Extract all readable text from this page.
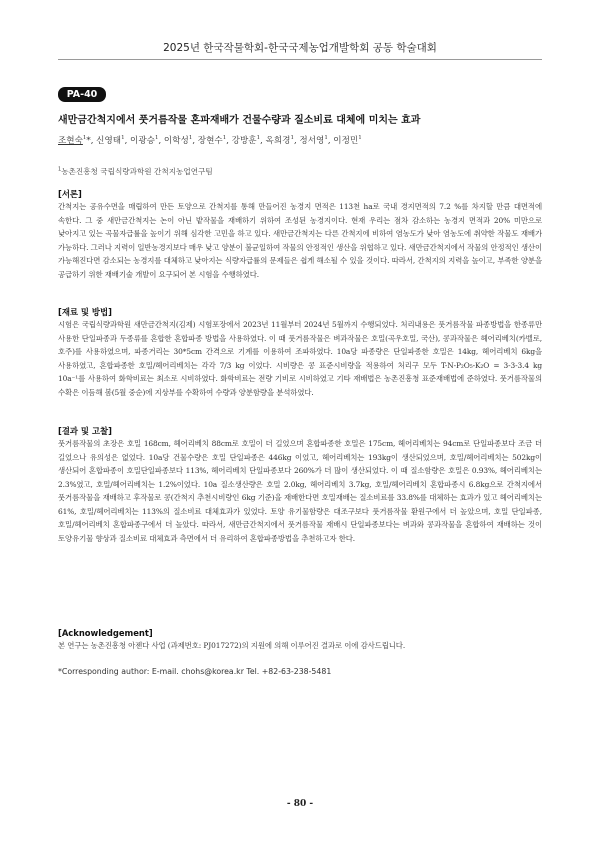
2025년 한국작물학회-한국국제농업개발학회 공동 학술대회
PA-40
새만금간척지에서 풋거름작물 혼파재배가 건물수량과 질소비료 대체에 미치는 효과
조현숙$^1$*, 신영태$^1$, 이광승$^1$, 이학성$^1$, 장현수$^1$, 강방훈$^1$, 옥희경$^1$, 정서영$^1$, 이정민$^1$
$^1$농촌진흥청 국립식량과학원 간척지농업연구팀
[서론]
간척지는 공유수면을 매립하여 만든 토양으로 간척지를 통해 만들어진 농경지 면적은 113천 ha로 국내 경지면적의 7.2 %를 차지할 만큼 대면적에 속한다. 그 중 새만금간척지는 논이 아닌 밭작물을 재배하기 위하여 조성된 농경지이다. 현재 우리는 점차 감소하는 농경지 면적과 20% 미만으로 낮아지고 있는 곡물자급률을 높이기 위해 심각한 고민을 하고 있다. 새만금간척지는 다른 간척지에 비하여 염농도가 낮아 염농도에 취약한 작물도 재배가 가능하다. 그러나 지력이 일반농경지보다 매우 낮고 양분이 불균일하여 작물의 안정적인 생산을 위협하고 있다. 새만금간척지에서 작물의 안정적인 생산이 가능해진다면 감소되는 농경지를 대체하고 낮아지는 식량자급률의 문제들은 쉽게 해소될 수 있을 것이다. 따라서, 간척지의 지력을 높이고, 부족한 양분을 공급하기 위한 재배기술 개발이 요구되어 본 시험을 수행하였다.
[재료 및 방법]
시험은 국립식량과학원 새만금간척지(김제) 시험포장에서 2023년 11월부터 2024년 5월까지 수행되었다. 처리내용은 풋거름작물 파종방법을 한종류만 사용한 단일파종과 두종류를 혼합한 혼합파종 방법을 사용하였다. 이 때 풋거름작물은 벼과작물은 호밀(곡우호밀, 국산), 콩과작물은 헤어리베치(카벨로, 호주)를 사용하였으며, 파종거리는 30*5cm 간격으로 기계를 이용하여 조파하였다. 10a당 파종량은 단일파종한 호밀은 14kg, 헤어리베치 6kg을 사용하였고, 혼합파종한 호밀/헤어리베치는 각각 7/3 kg 이었다. 시비량은 콩 표준시비량을 적용하여 처리구 모두 T-N-P₂O₅-K₂O = 3-3-3.4 kg 10a⁻¹를 사용하여 화학비료는 최소로 시비하였다. 화학비료는 전량 기비로 시비하였고 기타 재배법은 농촌진흥청 표준재배법에 준하였다. 풋거름작물의 수확은 이듬해 봄(5월 중순)에 지상부를 수확하여 수량과 양분함량을 분석하였다.
[결과 및 고찰]
풋거름작물의 초장은 호밀 168cm, 헤어리베치 88cm로 호밀이 더 길었으며 혼합파종한 호밀은 175cm, 헤어리베치는 94cm로 단일파종보다 조금 더 길었으나 유의성은 없었다. 10a당 건물수량은 호밀 단일파종은 446kg 이었고, 헤어리베치는 193kg이 생산되었으며, 호밀/헤어리베치는 502kg이 생산되어 혼합파종이 호밀단일파종보다 113%, 헤어리베치 단일파종보다 260%가 더 많이 생산되었다. 이 때 질소함량은 호밀은 0.93%, 헤어리베치는 2.3%였고, 호밀/헤어리베치는 1.2%이었다. 10a 질소생산량은 호밀 2.0kg, 헤어리베치 3.7kg, 호밀/헤어리베치 혼합파종시 6.8kg으로 간척지에서 풋거름작물을 재배하고 후작물로 콩(간척지 추천시비량인 6kg 기준)을 재배한다면 호밀재배는 질소비료를 33.8%를 대체하는 효과가 있고 헤어리베치는 61%, 호밀/헤어리베치는 113%의 질소비료 대체효과가 있었다. 토양 유기물함량은 대조구보다 풋거름작물 환원구에서 더 높았으며, 호밀 단일파종, 호밀/헤어리베치 혼합파종구에서 더 높았다. 따라서, 새만금간척지에서 풋거름작물 재배시 단일파종보다는 벼과와 콩과작물을 혼합하여 재배하는 것이 토양유기물 향상과 질소비료 대체효과 측면에서 더 유리하여 혼합파종방법을 추천하고자 한다.
[Acknowledgement]
본 연구는 농촌진흥청 아젠다 사업 (과제번호: PJ017272)의 지원에 의해 이루어진 결과로 이에 감사드립니다.
*Corresponding author: E-mail. chohs@korea.kr Tel. +82-63-238-5481
- 80 -
